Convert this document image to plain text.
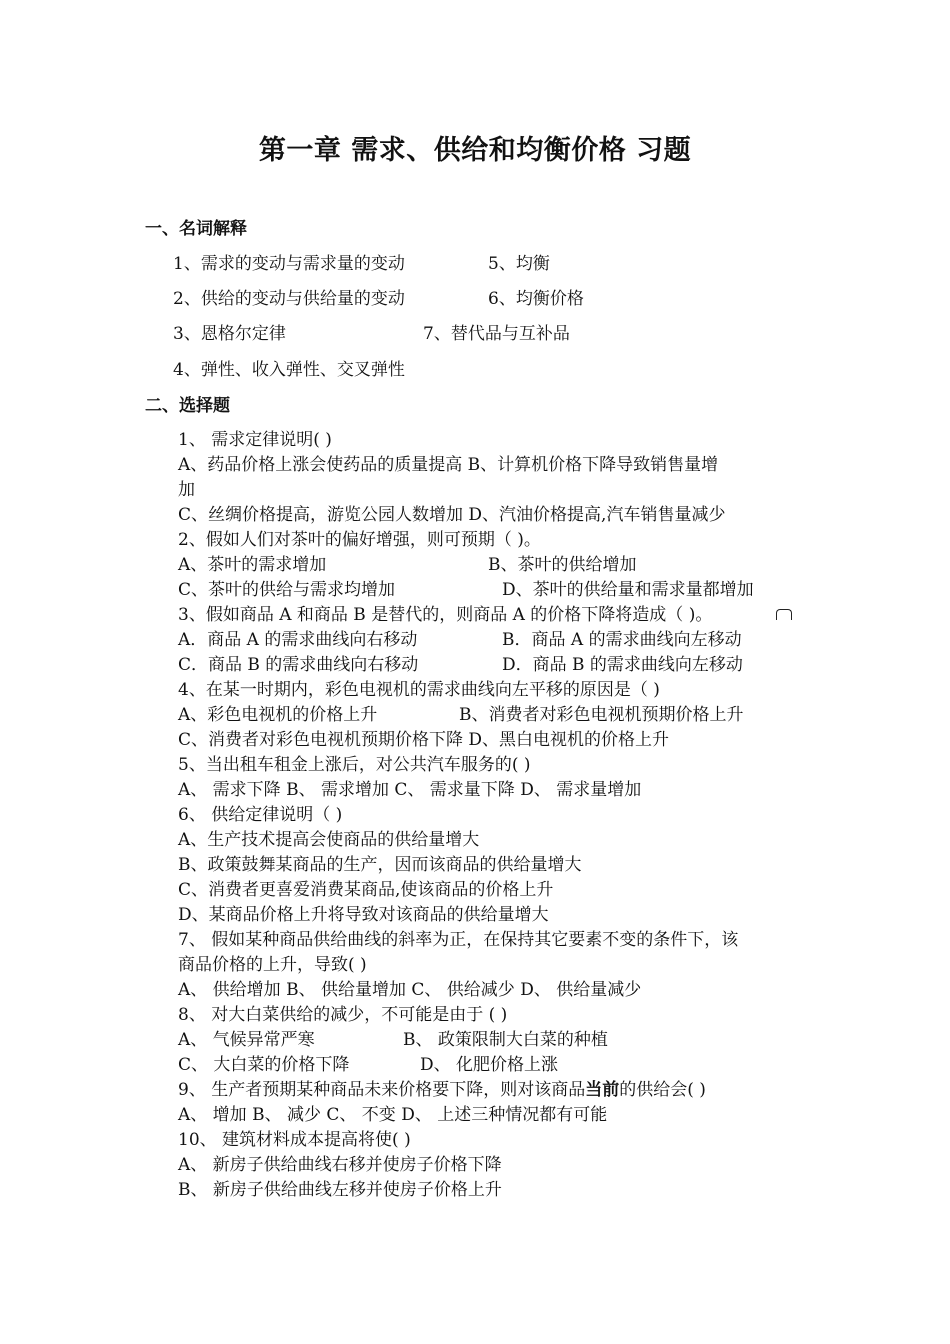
第一章 需求、供给和均衡价格 习题
一、名词解释
1、需求的变动与需求量的变动	5、均衡
2、供给的变动与供给量的变动	6、均衡价格
3、恩格尔定律	7、替代品与互补品
4、弹性、收入弹性、交叉弹性
二、选择题
1、 需求定律说明( )
A、药品价格上涨会使药品的质量提高 B、计算机价格下降导致销售量增
加
C、丝绸价格提高，游览公园人数增加 D、汽油价格提高,汽车销售量减少
2、假如人们对茶叶的偏好增强，则可预期（ )。
A、茶叶的需求增加	B、茶叶的供给增加
C、茶叶的供给与需求均增加	D、茶叶的供给量和需求量都增加
3、假如商品 A 和商品 B 是替代的，则商品 A 的价格下降将造成（ )。
A．商品 A 的需求曲线向右移动	B．商品 A 的需求曲线向左移动
C．商品 B 的需求曲线向右移动	D．商品 B 的需求曲线向左移动
4、在某一时期内，彩色电视机的需求曲线向左平移的原因是（ )
A、彩色电视机的价格上升	B、消费者对彩色电视机预期价格上升
C、消费者对彩色电视机预期价格下降 D、黑白电视机的价格上升
5、当出租车租金上涨后，对公共汽车服务的( )
A、 需求下降 B、 需求增加 C、 需求量下降 D、 需求量增加
6、 供给定律说明（ )
A、生产技术提高会使商品的供给量增大
B、政策鼓舞某商品的生产，因而该商品的供给量增大
C、消费者更喜爱消费某商品,使该商品的价格上升
D、某商品价格上升将导致对该商品的供给量增大
7、 假如某种商品供给曲线的斜率为正，在保持其它要素不变的条件下，该
商品价格的上升，导致( )
A、 供给增加 B、 供给量增加 C、 供给减少 D、 供给量减少
8、 对大白菜供给的减少，不可能是由于 ( )
A、 气候异常严寒	B、 政策限制大白菜的种植
C、 大白菜的价格下降	D、 化肥价格上涨
9、 生产者预期某种商品未来价格要下降，则对该商品当前的供给会( )
A、 增加 B、 减少 C、 不变 D、 上述三种情况都有可能
10、 建筑材料成本提高将使( )
A、 新房子供给曲线右移并使房子价格下降
B、 新房子供给曲线左移并使房子价格上升
